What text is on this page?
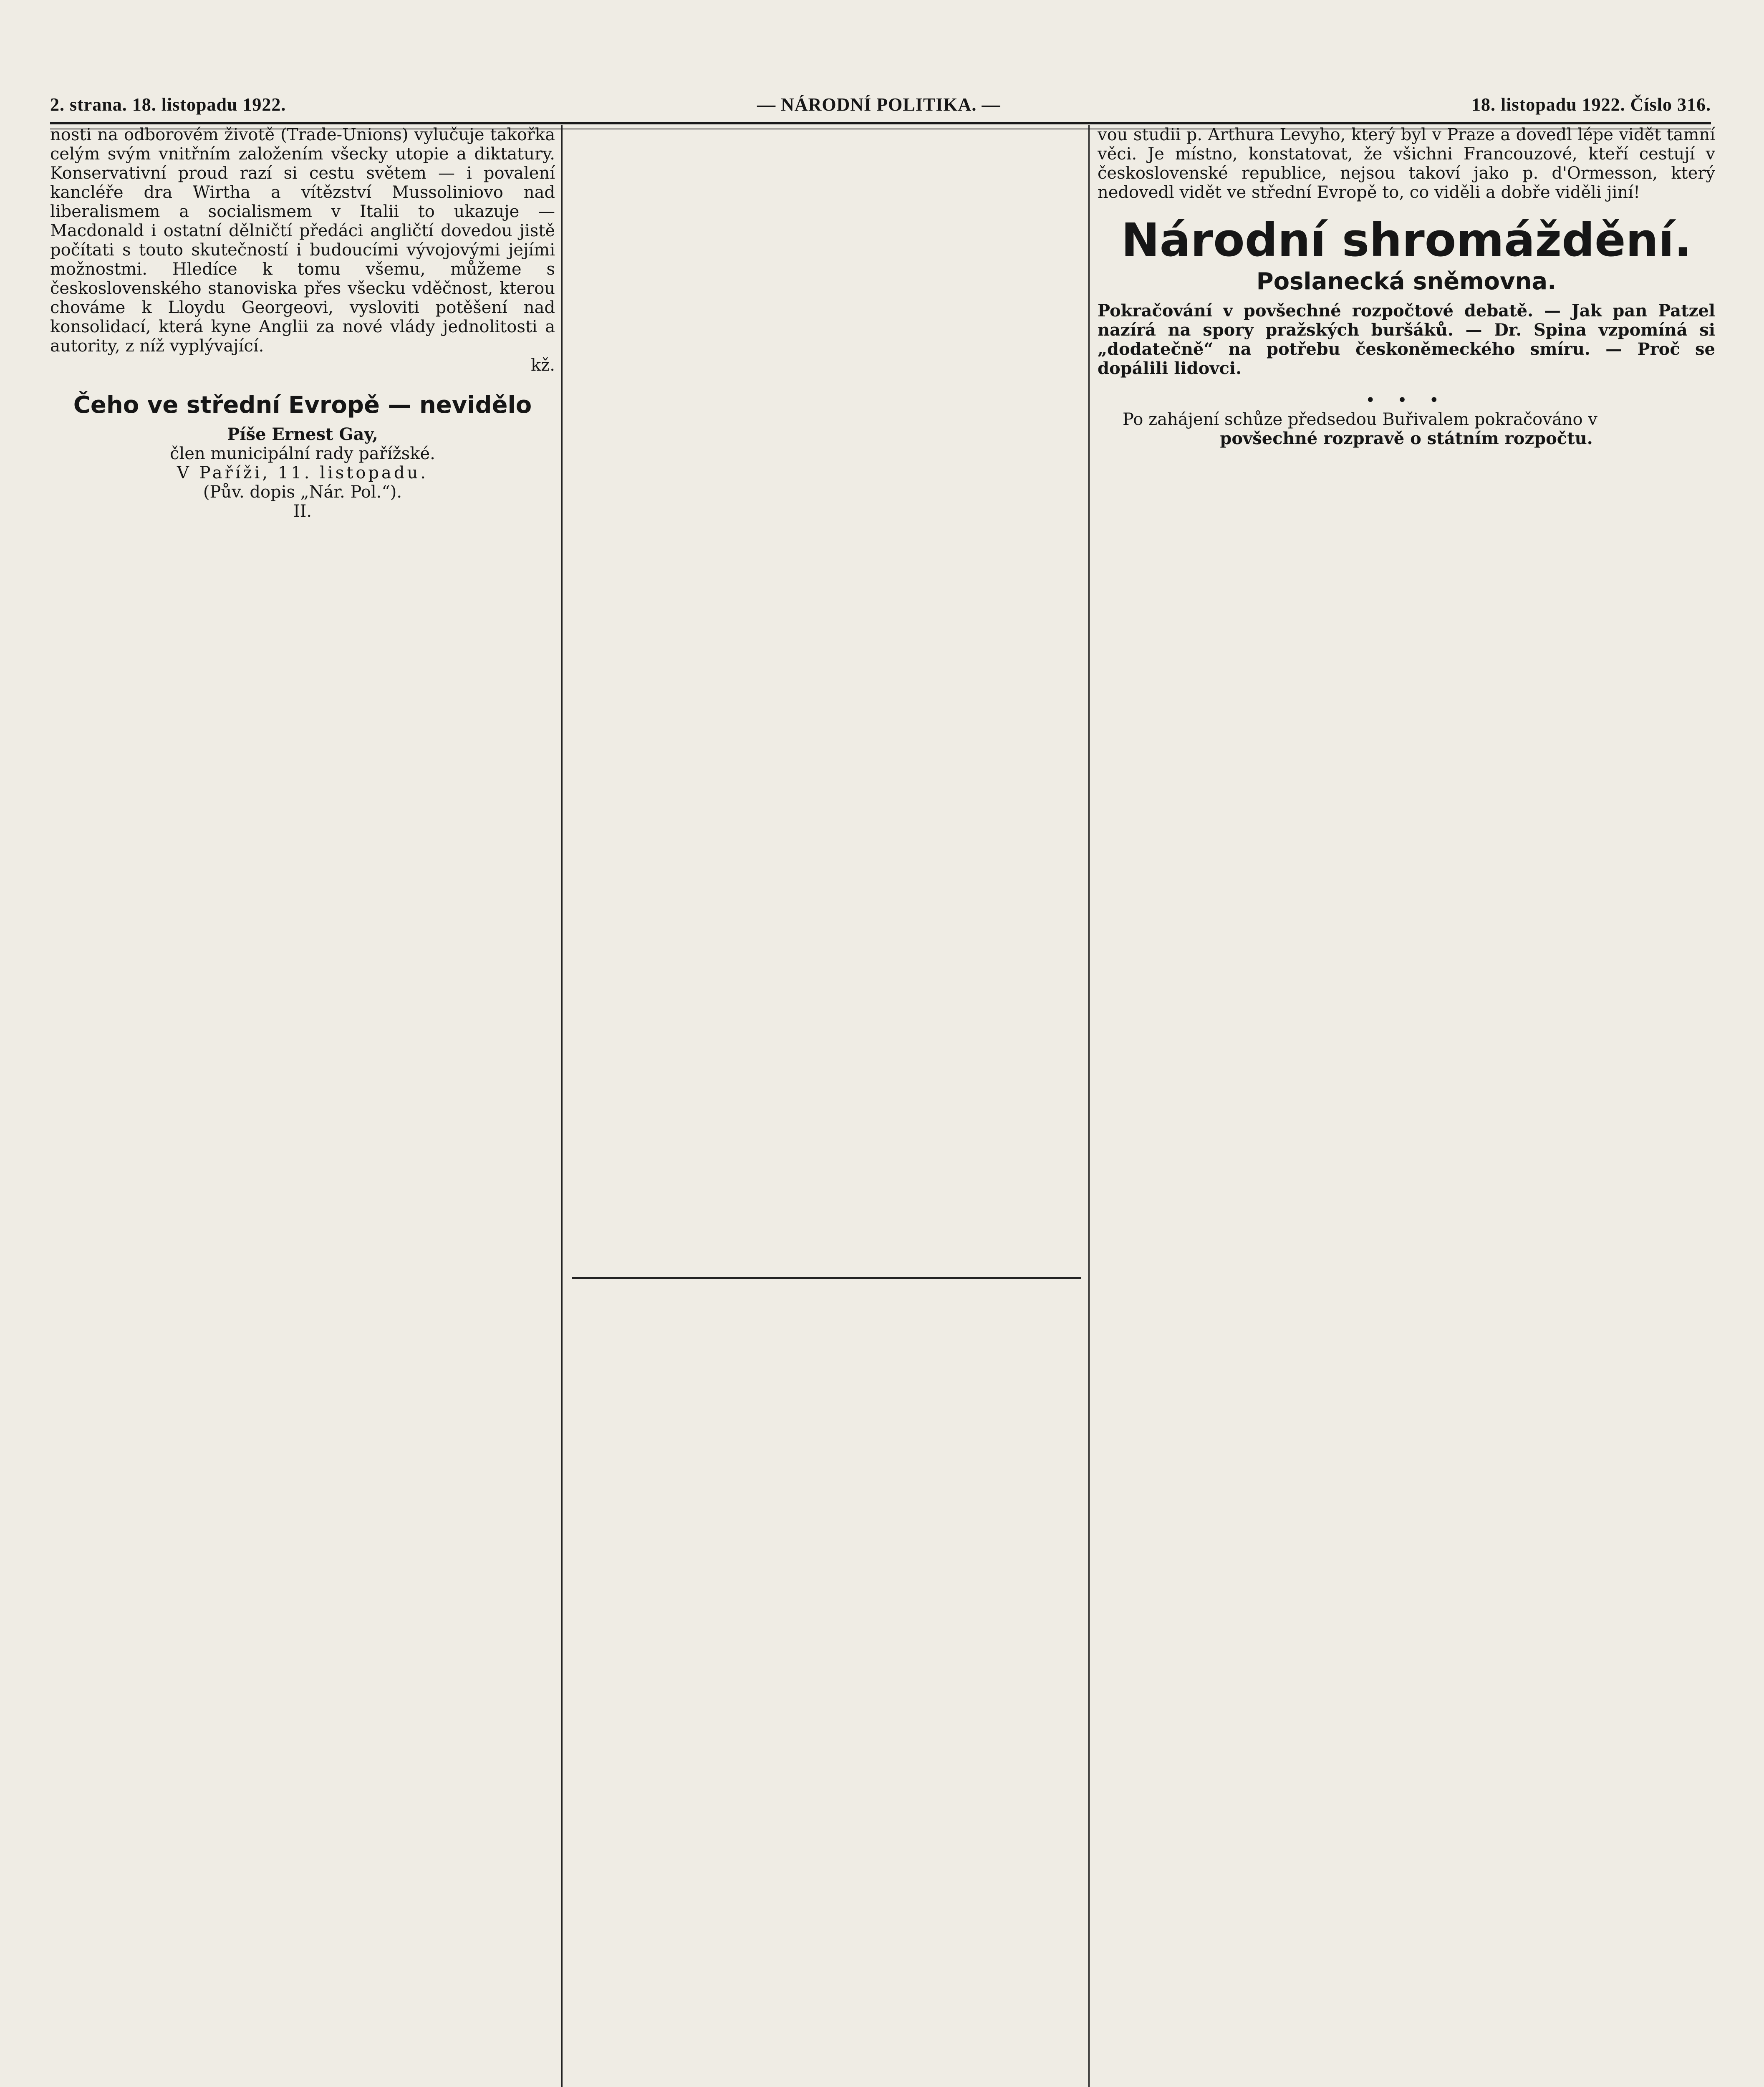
2. strana. 18. listopadu 1922.	— NÁRODNÍ POLITIKA. —	18. listopadu 1922. Číslo 316.

nosti na odborovém životě (Trade-Unions) vylučuje takořka celým svým vnitřním založením všecky utopie a diktatury. Konservativní proud razí si cestu světem — i povalení kancléře dra Wirtha a vítězství Mussoliniovo nad liberalismem a socialismem v Italii to ukazuje — Macdonald i ostatní dělničtí předáci angličtí dovedou jistě počítati s touto skutečností i budoucími vývojovými jejími možnostmi. Hledíce k tomu všemu, můžeme s československého stanoviska přes všecku vděčnost, kterou chováme k Lloydu Georgeovi, vysloviti potěšení nad konsolidací, která kyne Anglii za nové vlády jednolitosti a autority, z níž vyplývající.

kž.

Čeho ve střední Evropě — nevidělo

Píše Ernest Gay,

člen municipální rady pařížské.

V Paříži, 11. listopadu.

(Pův. dopis „Nár. Pol.“).

II.

vou studii p. Arthura Levyho, který byl v Praze a dovedl lépe vidět tamní věci. Je místno, konstatovat, že všichni Francouzové, kteří cestují v československé republice, nejsou takoví jako p. d'Ormesson, který nedovedl vidět ve střední Evropě to, co viděli a dobře viděli jiní!

Národní shromáždění.
Poslanecká sněmovna.

Pokračování v povšechné rozpočtové debatě. — Jak pan Patzel nazírá na spory pražských buršáků. — Dr. Spina vzpomíná si „dodatečně“ na potřebu českoněmeckého smíru. — Proč se dopálili lidovci.

• • •

Po zahájení schůze předsedou Buřivalem pokračováno v

povšechné rozpravě o státním rozpočtu.
